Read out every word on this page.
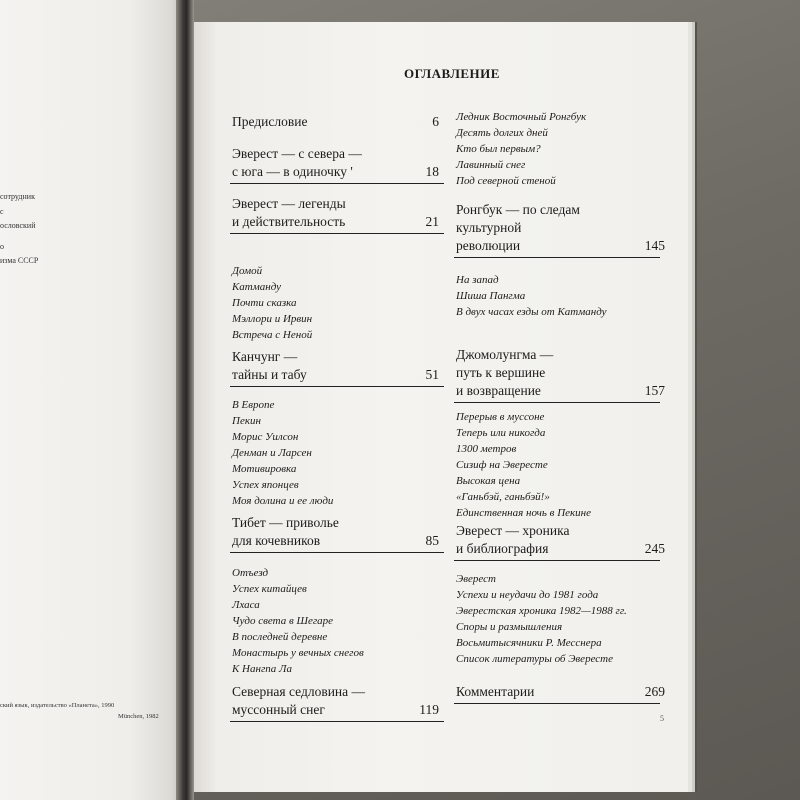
сотрудник
с
ословский
о
изма СССР
ский язык, издательство «Планета», 1990
München, 1982
ОГЛАВЛЕНИЕ
Предисловие	6
Эверест — с севера —
с юга — в одиночку '	18
Эверест — легенды
и действительность	21
Домой
Катманду
Почти сказка
Мэллори и Ирвин
Встреча с Неной
Канчунг —
тайны и табу	51
В Европе
Пекин
Морис Уилсон
Денман и Ларсен
Мотивировка
Успех японцев
Моя долина и ее люди
Тибет — приволье
для кочевников	85
Отъезд
Успех китайцев
Лхаса
Чудо света в Шегаре
В последней деревне
Монастырь у вечных снегов
К Нангпа Ла
Северная седловина —
муссонный снег	119
Ледник Восточный Ронгбук
Десять долгих дней
Кто был первым?
Лавинный снег
Под северной стеной
Ронгбук — по следам
культурной
революции	145
На запад
Шиша Пангма
В двух часах езды от Катманду
Джомолунгма —
путь к вершине
и возвращение	157
Перерыв в муссоне
Теперь или никогда
1300 метров
Сизиф на Эвересте
Высокая цена
«Ганьбэй, ганьбэй!»
Единственная ночь в Пекине
Эверест — хроника
и библиография	245
Эверест
Успехи и неудачи до 1981 года
Эверестская хроника 1982—1988 гг.
Споры и размышления
Восьмитысячники Р. Месснера
Список литературы об Эвересте
Комментарии	269
5
